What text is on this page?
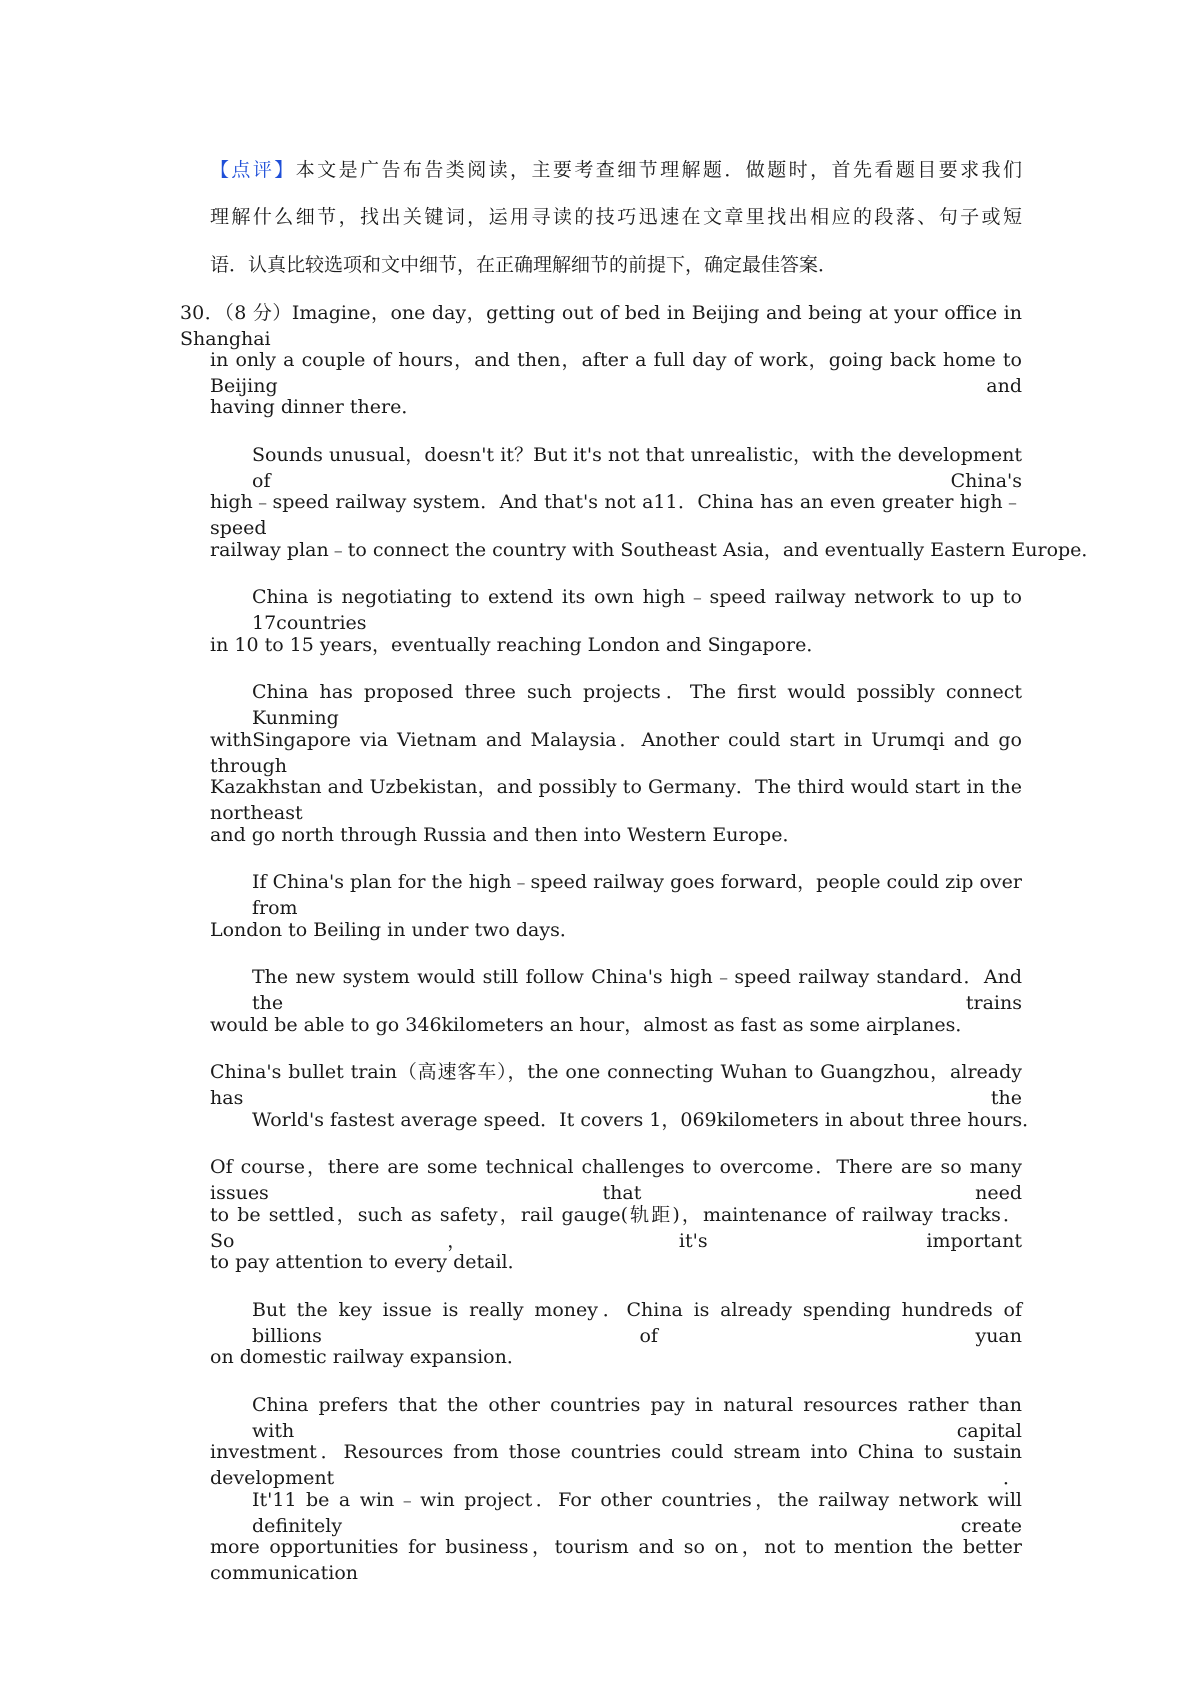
【点评】本文是广告布告类阅读，主要考查细节理解题．做题时，首先看题目要求我们
理解什么细节，找出关键词，运用寻读的技巧迅速在文章里找出相应的段落、句子或短
语．认真比较选项和文中细节，在正确理解细节的前提下，确定最佳答案．
30．（8 分）Imagine，one day，getting out of bed in Beijing and being at your office in Shanghai
in only a couple of hours，and then，after a full day of work，going back home to Beijing and
having dinner there．
Sounds unusual，doesn't it？But it's not that unrealistic，with the development of China's
high﹣speed railway system．And that's not a11．China has an even greater high﹣speed
railway plan﹣to connect the country with Southeast Asia，and eventually Eastern Europe．
China is negotiating to extend its own high﹣speed railway network to up to 17countries
in 10 to 15 years，eventually reaching London and Singapore．
China has proposed three such projects．The first would possibly connect Kunming
withSingapore via Vietnam and Malaysia．Another could start in Urumqi and go through
Kazakhstan and Uzbekistan，and possibly to Germany．The third would start in the northeast
and go north through Russia and then into Western Europe．
If China's plan for the high﹣speed railway goes forward，people could zip over from
London to Beiling in under two days．
The new system would still follow China's high﹣speed railway standard．And the trains
would be able to go 346kilometers an hour，almost as fast as some airplanes．
China's bullet train（高速客车），the one connecting Wuhan to Guangzhou，already has the
World's fastest average speed．It covers 1，069kilometers in about three hours．
Of course，there are some technical challenges to overcome．There are so many issues that need
to be settled，such as safety，rail gauge(轨距)，maintenance of railway tracks．So，it's important
to pay attention to every detail．
But the key issue is really money．China is already spending hundreds of billions of yuan
on domestic railway expansion．
China prefers that the other countries pay in natural resources rather than with capital
investment．Resources from those countries could stream into China to sustain development．
It'11 be a win﹣win project．For other countries，the railway network will definitely create
more opportunities for business，tourism and so on，not to mention the better communication
